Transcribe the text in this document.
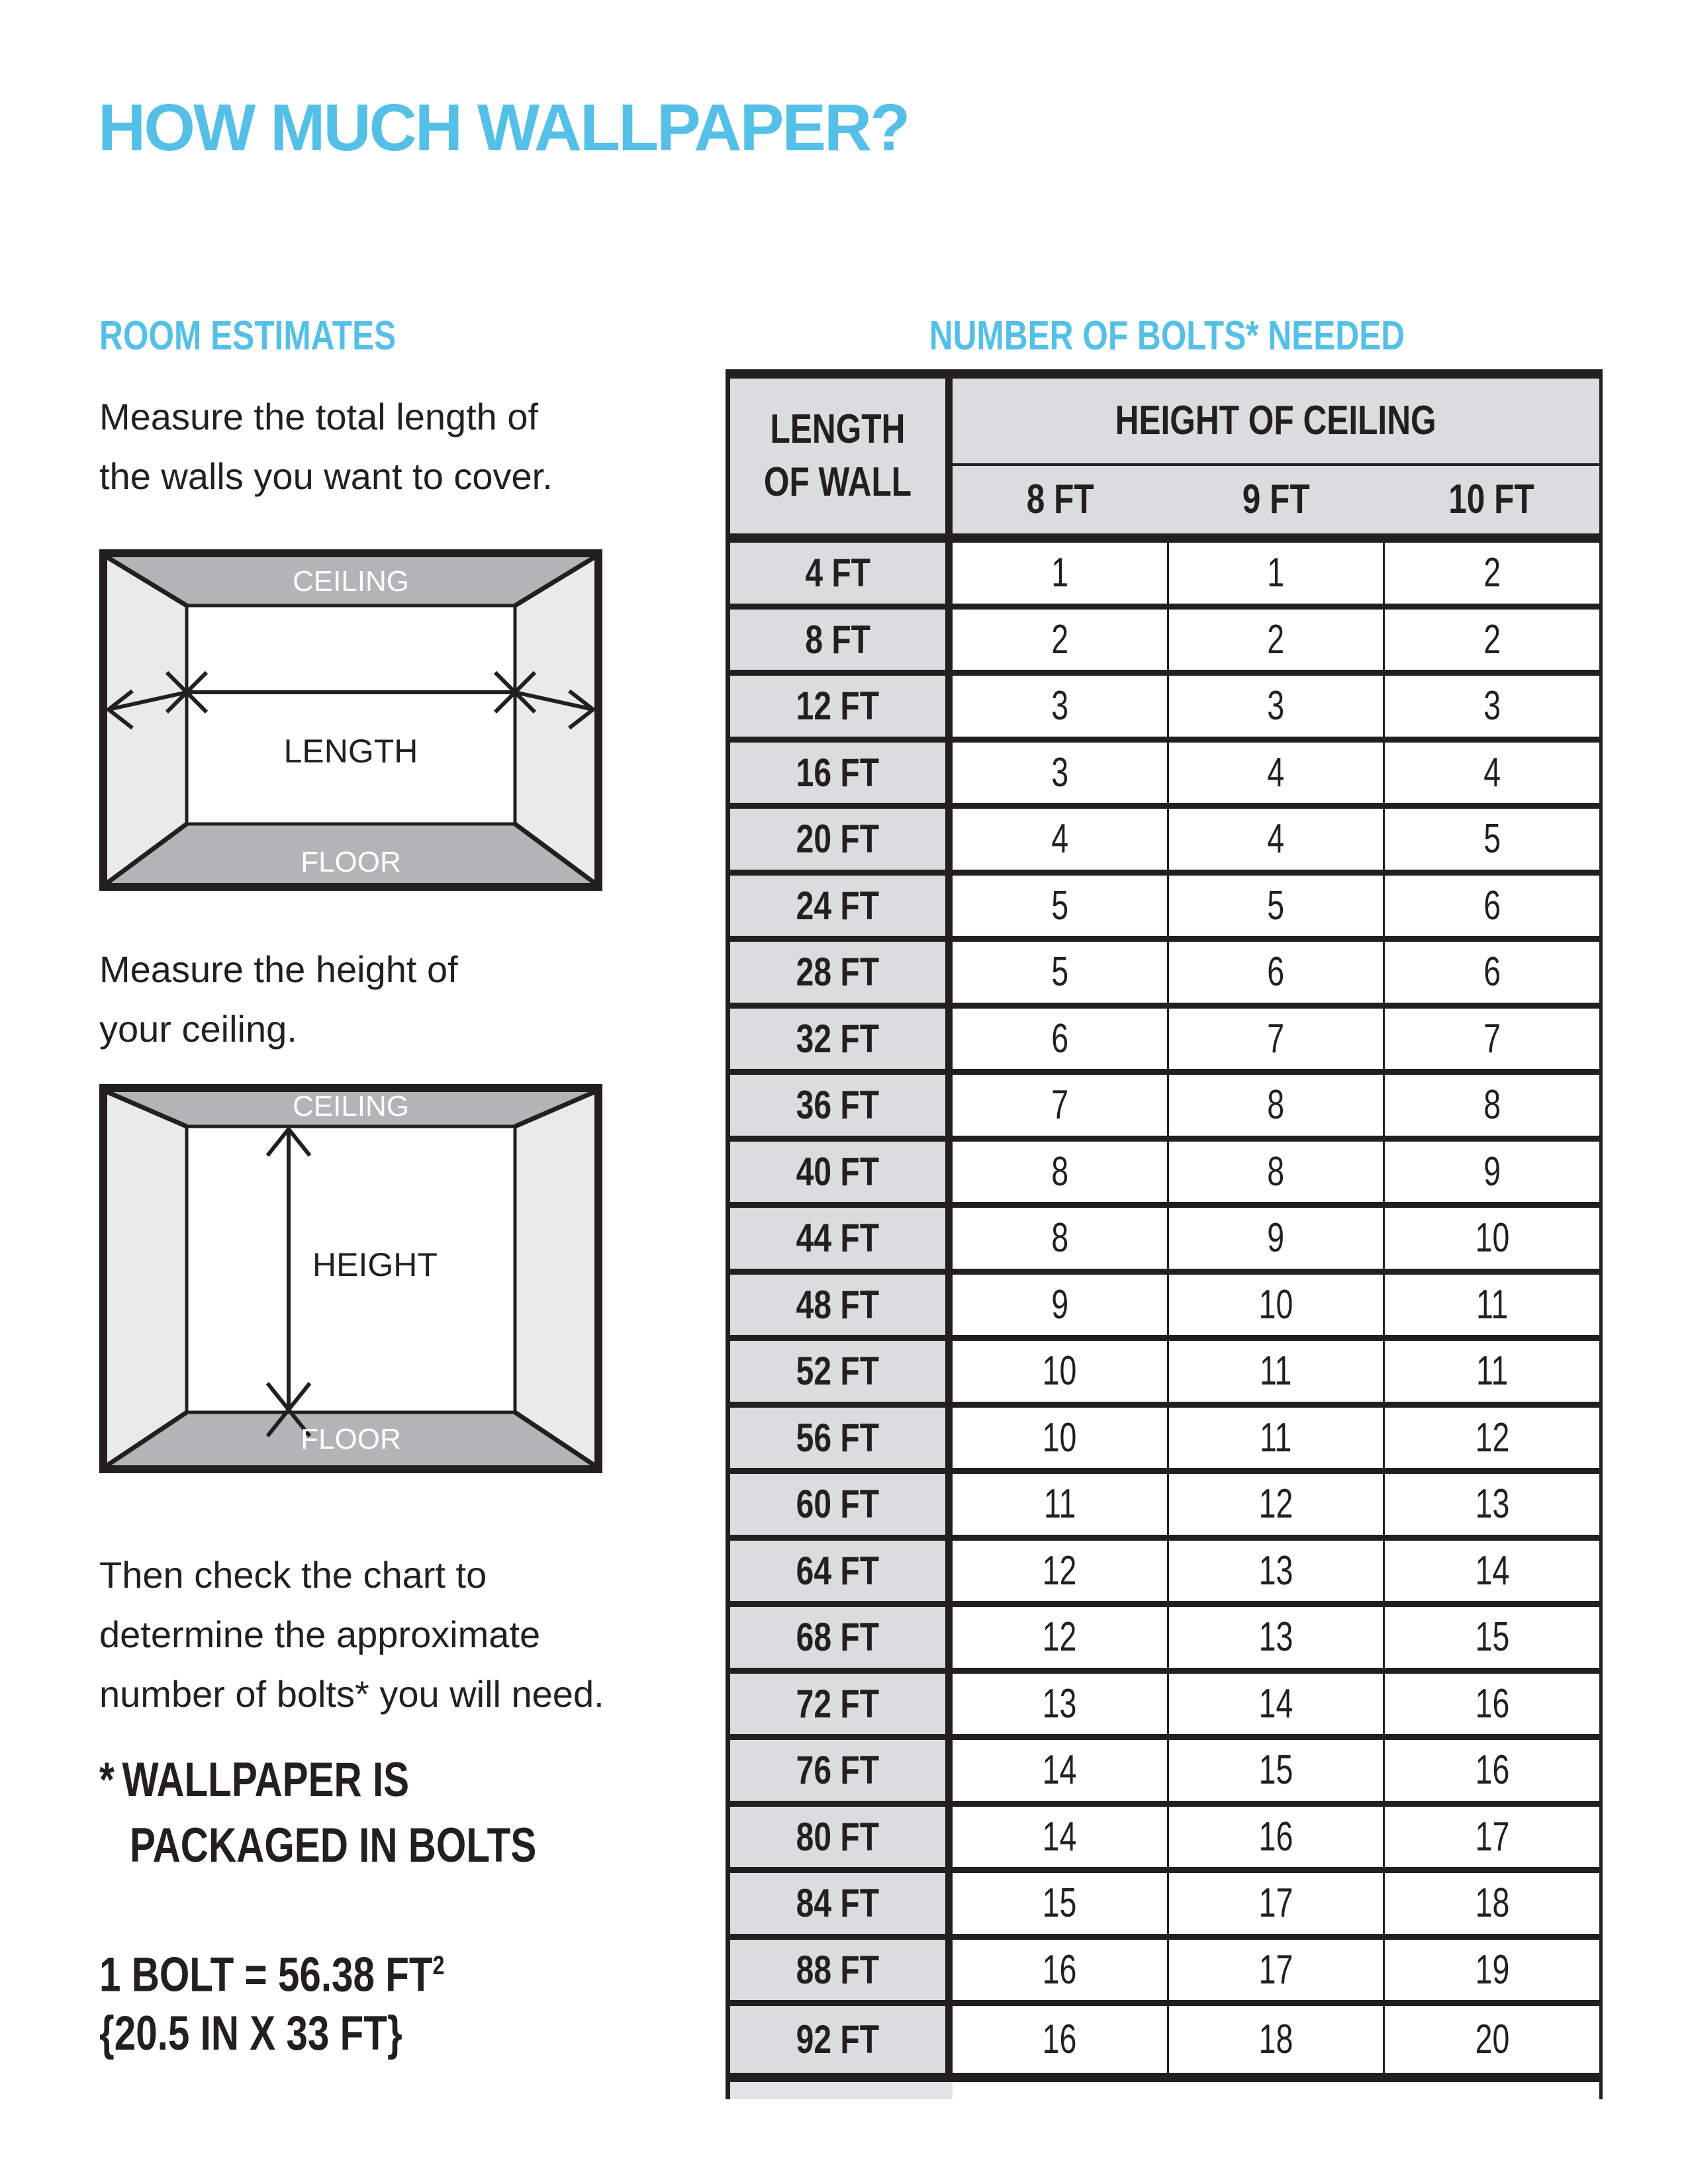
HOW MUCH WALLPAPER?
ROOM ESTIMATES	NUMBER OF BOLTS* NEEDED
Measure the total length of
the walls you want to cover.
CEILING
FLOOR
LENGTH
Measure the height of
your ceiling.
CEILING
FLOOR
HEIGHT
Then check the chart to
determine the approximate
number of bolts* you will need.
*  WALLPAPER IS
PACKAGED IN BOLTS
1 BOLT = 56.38 $FT^2$
{20.5 IN X 33 FT}
LENGTH
OF WALL
HEIGHT OF CEILING
8 FT	9 FT	10 FT
4 FT	1	1	2
8 FT	2	2	2
12 FT	3	3	3
16 FT	3	4	4
20 FT	4	4	5
24 FT	5	5	6
28 FT	5	6	6
32 FT	6	7	7
36 FT	7	8	8
40 FT	8	8	9
44 FT	8	9	10
48 FT	9	10	11
52 FT	10	11	11
56 FT	10	11	12
60 FT	11	12	13
64 FT	12	13	14
68 FT	12	13	15
72 FT	13	14	16
76 FT	14	15	16
80 FT	14	16	17
84 FT	15	17	18
88 FT	16	17	19
92 FT	16	18	20
